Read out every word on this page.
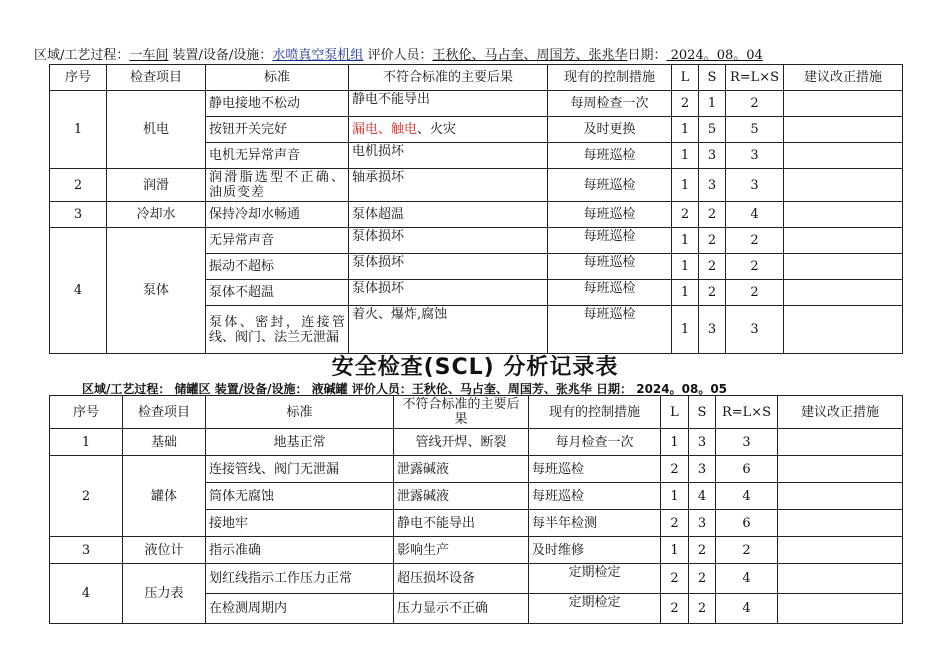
区域/工艺过程：一车间 装置/设备/设施：水喷真空泵机组 评价人员：王秋伦、马占奎、周国芳、张兆华日期： 2024。08。04
序号	检查项目	标准	不符合标准的主要后果	现有的控制措施	L	S	R=L×S	建议改正措施
1	机电	静电接地不松动	静电不能导出	每周检查一次	2	1	2	
		按钮开关完好	漏电、触电、火灾	及时更换	1	5	5	
		电机无异常声音	电机损坏	每班巡检	1	3	3	
2	润滑	润滑脂选型不正确、油质变差	轴承损坏	每班巡检	1	3	3	
3	冷却水	保持冷却水畅通	泵体超温	每班巡检	2	2	4	
4	泵体	无异常声音	泵体损坏	每班巡检	1	2	2	
		振动不超标	泵体损坏	每班巡检	1	2	2	
		泵体不超温	泵体损坏	每班巡检	1	2	2	
		泵体、密封，连接管线、阀门、法兰无泄漏	着火、爆炸,腐蚀	每班巡检	1	3	3	
安全检查(SCL) 分析记录表
区域/工艺过程： 储罐区 装置/设备/设施： 液碱罐 评价人员：王秋伦、马占奎、周国芳、张兆华 日期： 2024。08。05
序号	检查项目	标准	不符合标准的主要后果	现有的控制措施	L	S	R=L×S	建议改正措施
1	基础	地基正常	管线开焊、断裂	每月检查一次	1	3	3	
2	罐体	连接管线、阀门无泄漏	泄露碱液	每班巡检	2	3	6	
		筒体无腐蚀	泄露碱液	每班巡检	1	4	4	
		接地牢	静电不能导出	每半年检测	2	3	6	
3	液位计	指示准确	影响生产	及时维修	1	2	2	
4	压力表	划红线指示工作压力正常	超压损坏设备	定期检定	2	2	4	
		在检测周期内	压力显示不正确	定期检定	2	2	4	
